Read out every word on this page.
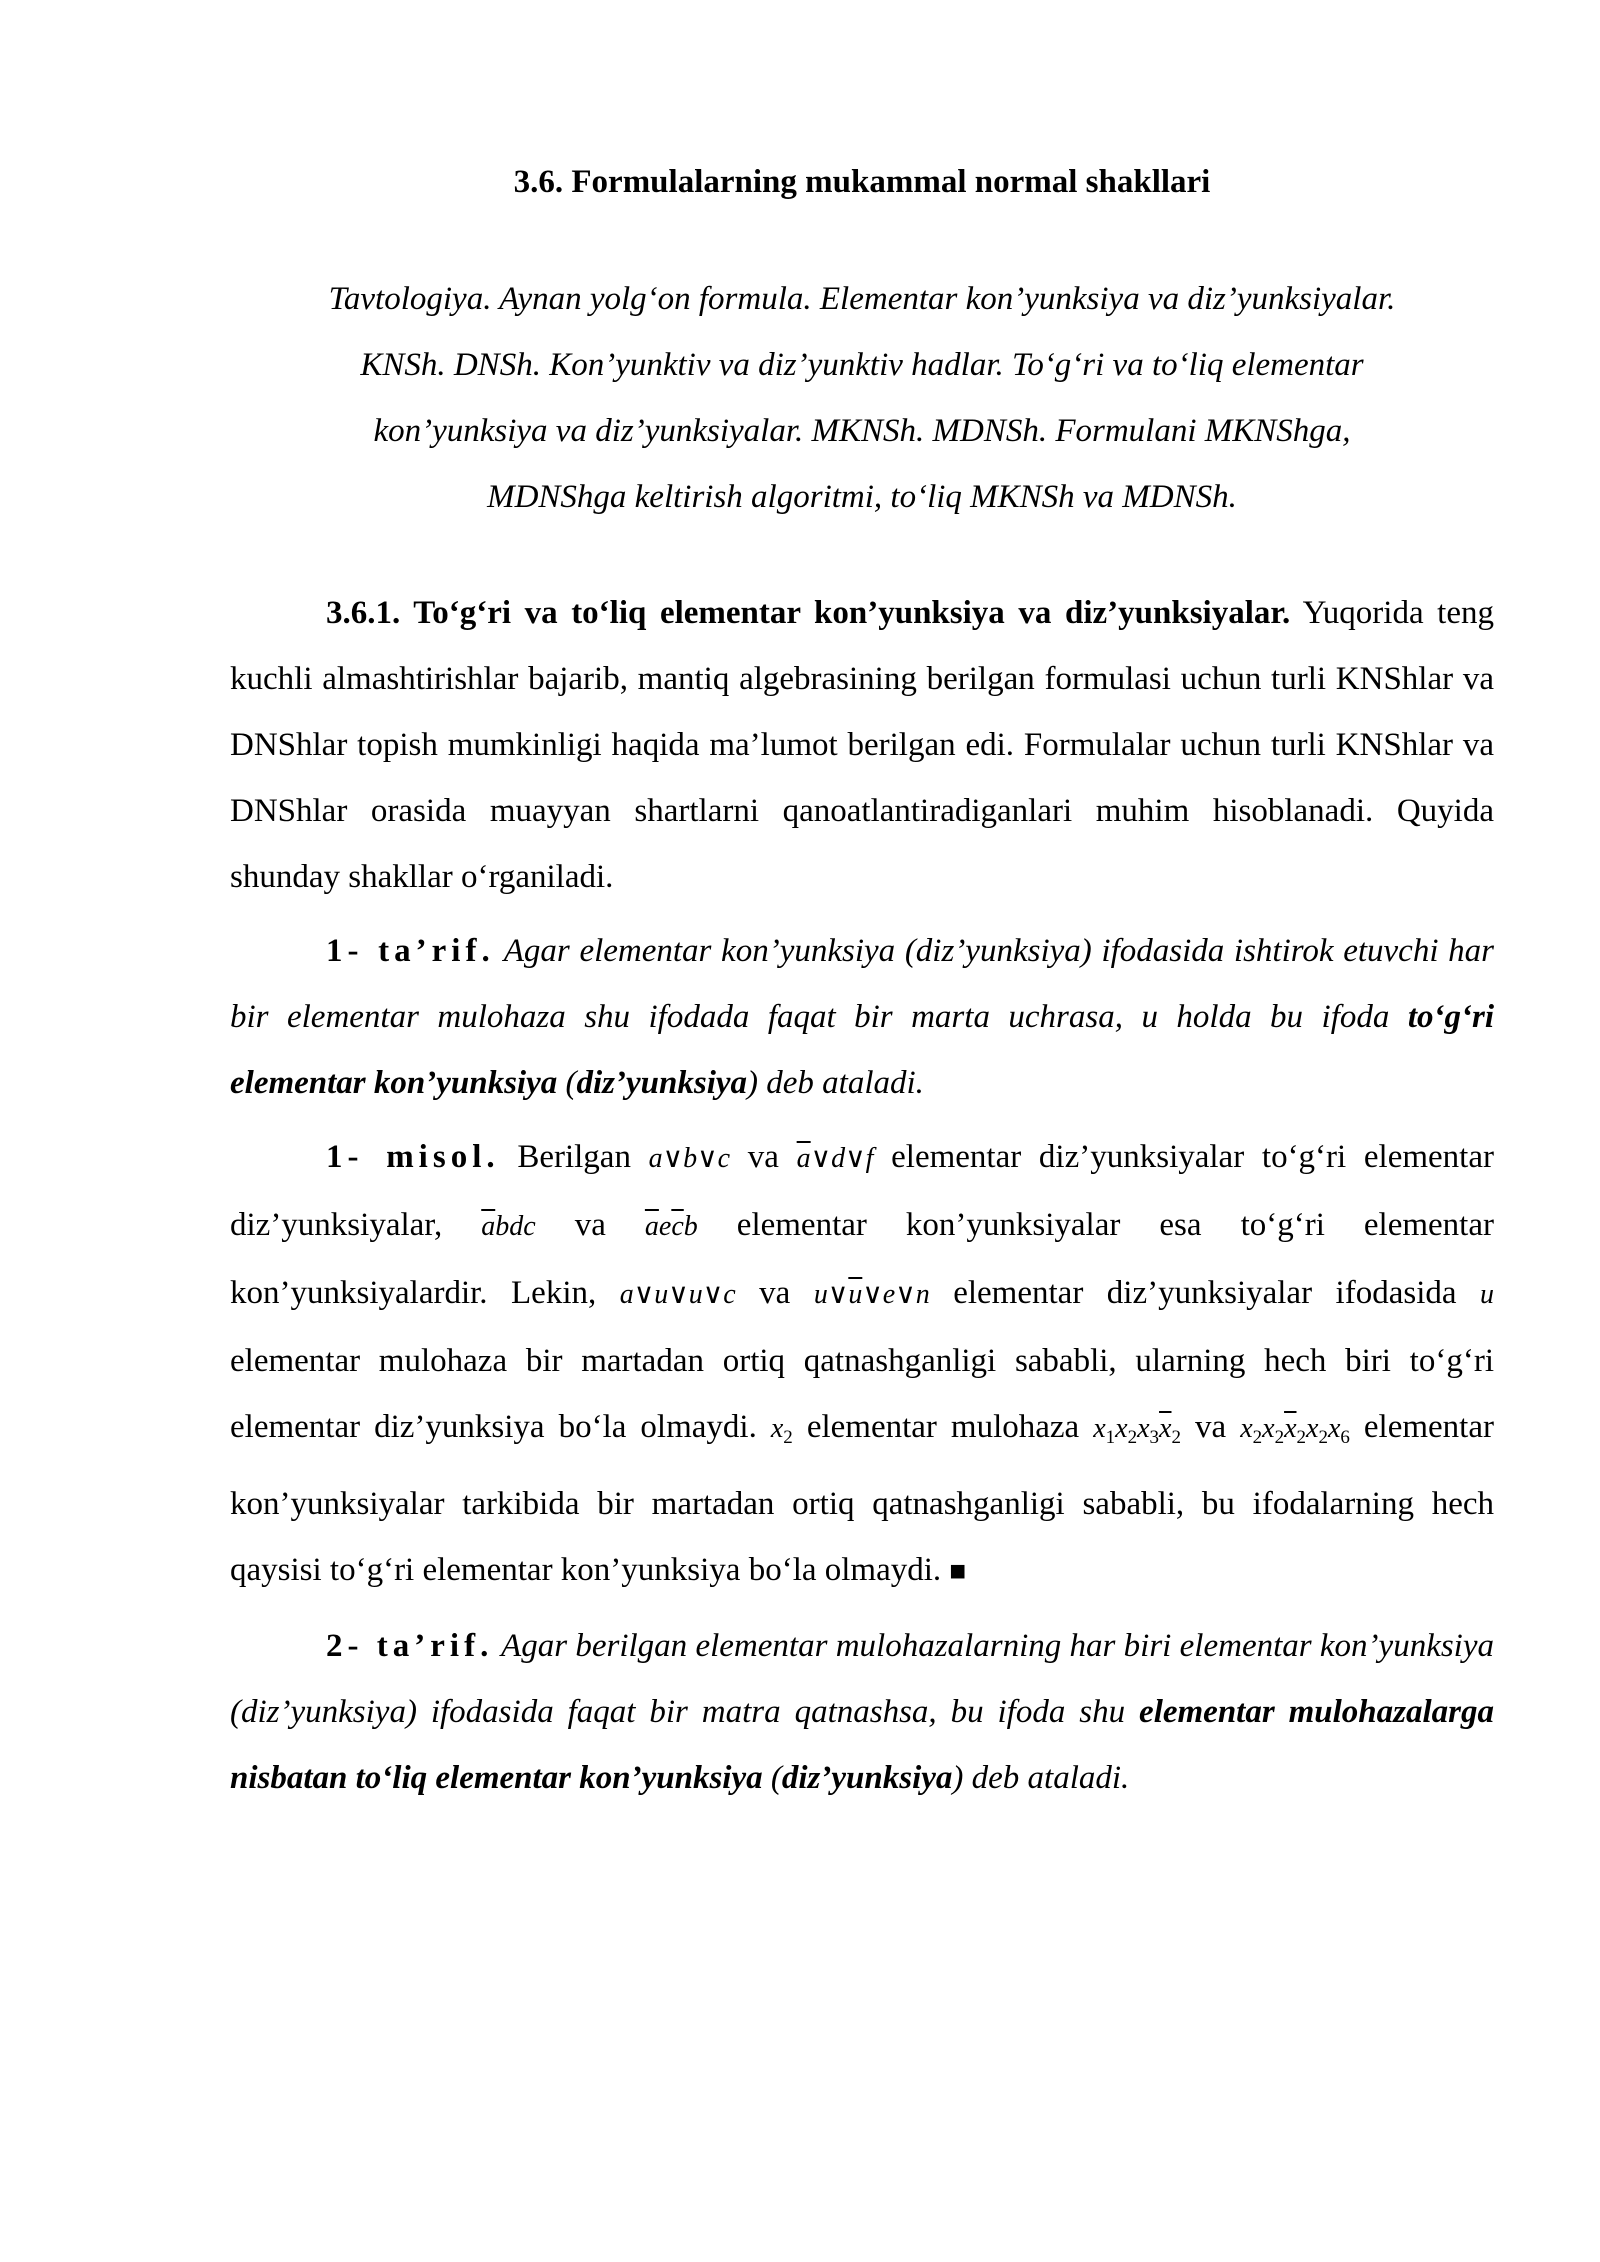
3.6. Formulalarning mukammal normal shakllari
Tavtologiya. Aynan yolg‘on formula. Elementar kon’yunksiya va diz’yunksiyalar.
KNSh. DNSh. Kon’yunktiv va diz’yunktiv hadlar. To‘g‘ri va to‘liq elementar
kon’yunksiya va diz’yunksiyalar. MKNSh. MDNSh. Formulani MKNShga,
MDNShga keltirish algoritmi, to‘liq MKNSh va MDNSh.

3.6.1. To‘g‘ri va to‘liq elementar kon’yunksiya va diz’yunksiyalar. Yuqorida teng kuchli almashtirishlar bajarib, mantiq algebrasining berilgan formulasi uchun turli KNShlar va DNShlar topish mumkinligi haqida ma’lumot berilgan edi. Formulalar uchun turli KNShlar va DNShlar orasida muayyan shartlarni qanoatlantiradiganlari muhim hisoblanadi. Quyida shunday shakllar o‘rganiladi.

1- ta’rif. Agar elementar kon’yunksiya (diz’yunksiya) ifodasida ishtirok etuvchi har bir elementar mulohaza shu ifodada faqat bir marta uchrasa, u holda bu ifoda to‘g‘ri elementar kon’yunksiya (diz’yunksiya) deb ataladi.

1- misol. Berilgan a∨b∨c va $\overline{a}\vee d\vee f$ elementar diz’yunksiyalar to‘g‘ri elementar diz’yunksiyalar, $\overline{a}bdc$ va $\overline{a}e\overline{c}b$ elementar kon’yunksiyalar esa to‘g‘ri elementar kon’yunksiyalardir. Lekin, a∨u∨u∨c va $u\vee\overline{u}\vee e\vee n$ elementar diz’yunksiyalar ifodasida u elementar mulohaza bir martadan ortiq qatnashganligi sababli, ularning hech biri to‘g‘ri elementar diz’yunksiya bo‘la olmaydi. $x_2$ elementar mulohaza $x_1x_2x_3\overline{x}_2$ va $x_2x_2\overline{x}_2x_2x_6$ elementar kon’yunksiyalar tarkibida bir martadan ortiq qatnashganligi sababli, bu ifodalarning hech qaysisi to‘g‘ri elementar kon’yunksiya bo‘la olmaydi. ■

2- ta’rif. Agar berilgan elementar mulohazalarning har biri elementar kon’yunksiya (diz’yunksiya) ifodasida faqat bir matra qatnashsa, bu ifoda shu elementar mulohazalarga nisbatan to‘liq elementar kon’yunksiya (diz’yunksiya) deb ataladi.
